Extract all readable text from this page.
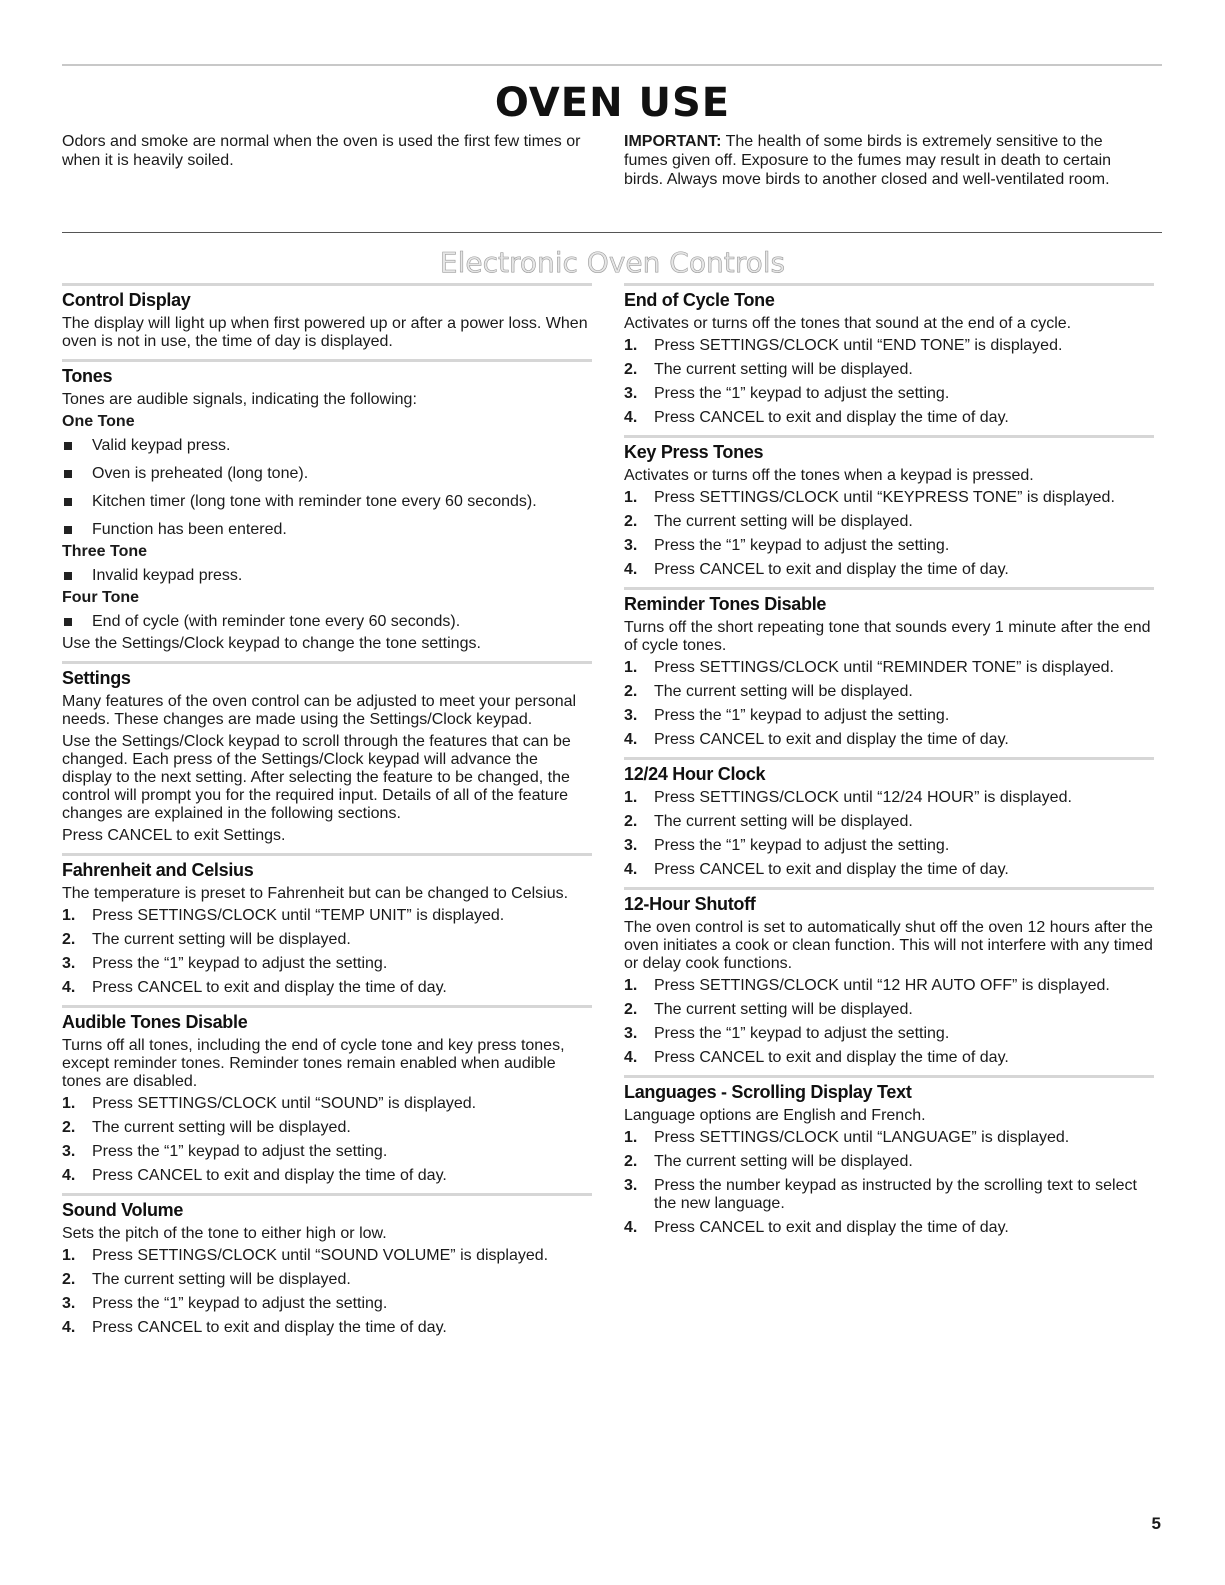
OVEN USE
Odors and smoke are normal when the oven is used the first few times or when it is heavily soiled.
IMPORTANT: The health of some birds is extremely sensitive to the fumes given off. Exposure to the fumes may result in death to certain birds. Always move birds to another closed and well-ventilated room.
Electronic Oven Controls
Control Display

The display will light up when first powered up or after a power loss. When oven is not in use, the time of day is displayed.

Tones

Tones are audible signals, indicating the following:

One Tone
Valid keypad press.
Oven is preheated (long tone).
Kitchen timer (long tone with reminder tone every 60 seconds).
Function has been entered.
Three Tone
Invalid keypad press.
Four Tone
End of cycle (with reminder tone every 60 seconds).

Use the Settings/Clock keypad to change the tone settings.

Settings

Many features of the oven control can be adjusted to meet your personal needs. These changes are made using the Settings/Clock keypad.

Use the Settings/Clock keypad to scroll through the features that can be changed. Each press of the Settings/Clock keypad will advance the display to the next setting. After selecting the feature to be changed, the control will prompt you for the required input. Details of all of the feature changes are explained in the following sections.

Press CANCEL to exit Settings.

Fahrenheit and Celsius

The temperature is preset to Fahrenheit but can be changed to Celsius.

1. Press SETTINGS/CLOCK until “TEMP UNIT” is displayed.
2. The current setting will be displayed.
3. Press the “1” keypad to adjust the setting.
4. Press CANCEL to exit and display the time of day.
Audible Tones Disable

Turns off all tones, including the end of cycle tone and key press tones, except reminder tones. Reminder tones remain enabled when audible tones are disabled.

1. Press SETTINGS/CLOCK until “SOUND” is displayed.
2. The current setting will be displayed.
3. Press the “1” keypad to adjust the setting.
4. Press CANCEL to exit and display the time of day.
Sound Volume

Sets the pitch of the tone to either high or low.

1. Press SETTINGS/CLOCK until “SOUND VOLUME” is displayed.
2. The current setting will be displayed.
3. Press the “1” keypad to adjust the setting.
4. Press CANCEL to exit and display the time of day.
End of Cycle Tone

Activates or turns off the tones that sound at the end of a cycle.

1. Press SETTINGS/CLOCK until “END TONE” is displayed.
2. The current setting will be displayed.
3. Press the “1” keypad to adjust the setting.
4. Press CANCEL to exit and display the time of day.
Key Press Tones

Activates or turns off the tones when a keypad is pressed.

1. Press SETTINGS/CLOCK until “KEYPRESS TONE” is displayed.
2. The current setting will be displayed.
3. Press the “1” keypad to adjust the setting.
4. Press CANCEL to exit and display the time of day.
Reminder Tones Disable

Turns off the short repeating tone that sounds every 1 minute after the end of cycle tones.

1. Press SETTINGS/CLOCK until “REMINDER TONE” is displayed.
2. The current setting will be displayed.
3. Press the “1” keypad to adjust the setting.
4. Press CANCEL to exit and display the time of day.
12/24 Hour Clock
1. Press SETTINGS/CLOCK until “12/24 HOUR” is displayed.
2. The current setting will be displayed.
3. Press the “1” keypad to adjust the setting.
4. Press CANCEL to exit and display the time of day.
12-Hour Shutoff

The oven control is set to automatically shut off the oven 12 hours after the oven initiates a cook or clean function. This will not interfere with any timed or delay cook functions.

1. Press SETTINGS/CLOCK until “12 HR AUTO OFF” is displayed.
2. The current setting will be displayed.
3. Press the “1” keypad to adjust the setting.
4. Press CANCEL to exit and display the time of day.
Languages - Scrolling Display Text

Language options are English and French.

1. Press SETTINGS/CLOCK until “LANGUAGE” is displayed.
2. The current setting will be displayed.
3. Press the number keypad as instructed by the scrolling text to select the new language.
4. Press CANCEL to exit and display the time of day.
5
